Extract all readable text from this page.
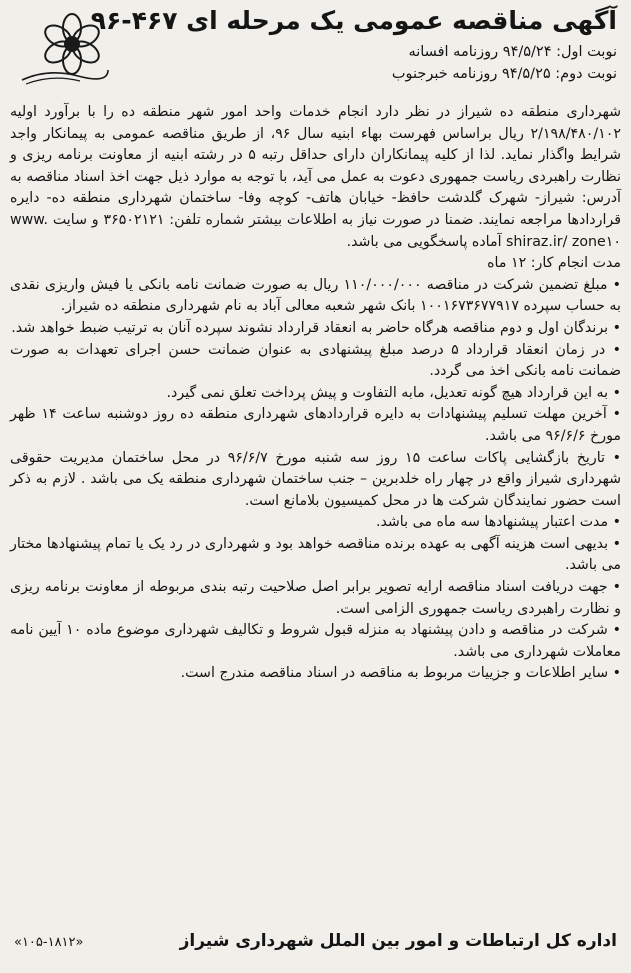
آگهی مناقصه عمومی یک مرحله ای ۴۶۷-۹۶
نوبت اول: ۹۴/۵/۲۴ روزنامه افسانه
نوبت دوم: ۹۴/۵/۲۵ روزنامه خبرجنوب

شهرداری منطقه ده شیراز در نظر دارد انجام خدمات واحد امور شهر منطقه ده را با برآورد اولیه ۲/۱۹۸/۴۸۰/۱۰۲ ریال براساس فهرست بهاء ابنیه سال ۹۶، از طریق مناقصه عمومی به پیمانکار واجد شرایط واگذار نماید. لذا از کلیه پیمانکاران دارای حداقل رتبه ۵ در رشته ابنیه از معاونت برنامه ریزی و نظارت راهبردی ریاست جمهوری دعوت به عمل می آید، با توجه به موارد ذیل جهت اخذ اسناد مناقصه به آدرس: شیراز- شهرک گلدشت حافظ- خیابان هاتف- کوچه وفا- ساختمان شهرداری منطقه ده- دایره قراردادها مراجعه نمایند. ضمنا در صورت نیاز به اطلاعات بیشتر شماره تلفن: ۳۶۵۰۲۱۲۱ و سایت www. shiraz.ir/ zone۱۰ آماده پاسخگویی می باشد.

مدت انجام کار: ۱۲ ماه

• مبلغ تضمین شرکت در مناقصه ۱۱۰/۰۰۰/۰۰۰ ریال به صورت ضمانت نامه بانکی یا فیش واریزی نقدی به حساب سپرده ۱۰۰۱۶۷۳۶۷۷۹۱۷ بانک شهر شعبه معالی آباد به نام شهرداری منطقه ده شیراز.
• برندگان اول و دوم مناقصه هرگاه حاضر به انعقاد قرارداد نشوند سپرده آنان به ترتیب ضبط خواهد شد.
• در زمان انعقاد قرارداد ۵ درصد مبلغ پیشنهادی به عنوان ضمانت حسن اجرای تعهدات به صورت ضمانت نامه بانکی اخذ می گردد.
• به این قرارداد هیچ گونه تعدیل، مابه التفاوت و پیش پرداخت تعلق نمی گیرد.
• آخرین مهلت تسلیم پیشنهادات به دایره قراردادهای شهرداری منطقه ده روز دوشنبه ساعت ۱۴ ظهر مورخ ۹۶/۶/۶ می باشد.
• تاریخ بازگشایی پاکات ساعت ۱۵ روز سه شنبه مورخ ۹۶/۶/۷ در محل ساختمان مدیریت حقوقی شهرداری شیراز واقع در چهار راه خلدبرین – جنب ساختمان شهرداری منطقه یک می باشد . لازم به ذکر است حضور نمایندگان شرکت ها در محل کمیسیون بلامانع است.
• مدت اعتبار پیشنهادها سه ماه می باشد.
• بدیهی است هزینه آگهی به عهده برنده مناقصه خواهد بود و شهرداری در رد یک یا تمام پیشنهادها مختار می باشد.
• جهت دریافت اسناد مناقصه ارایه تصویر برابر اصل صلاحیت رتبه بندی مربوطه از معاونت برنامه ریزی و نظارت راهبردی ریاست جمهوری الزامی است.
• شرکت در مناقصه و دادن پیشنهاد به منزله قبول شروط و تکالیف شهرداری موضوع ماده ۱۰ آیین نامه معاملات شهرداری می باشد.
• سایر اطلاعات و جزییات مربوط به مناقصه در اسناد مناقصه مندرج است.
اداره کل ارتباطات و امور بین الملل شهرداری شیراز
«۱۰۵-۱۸۱۲»
